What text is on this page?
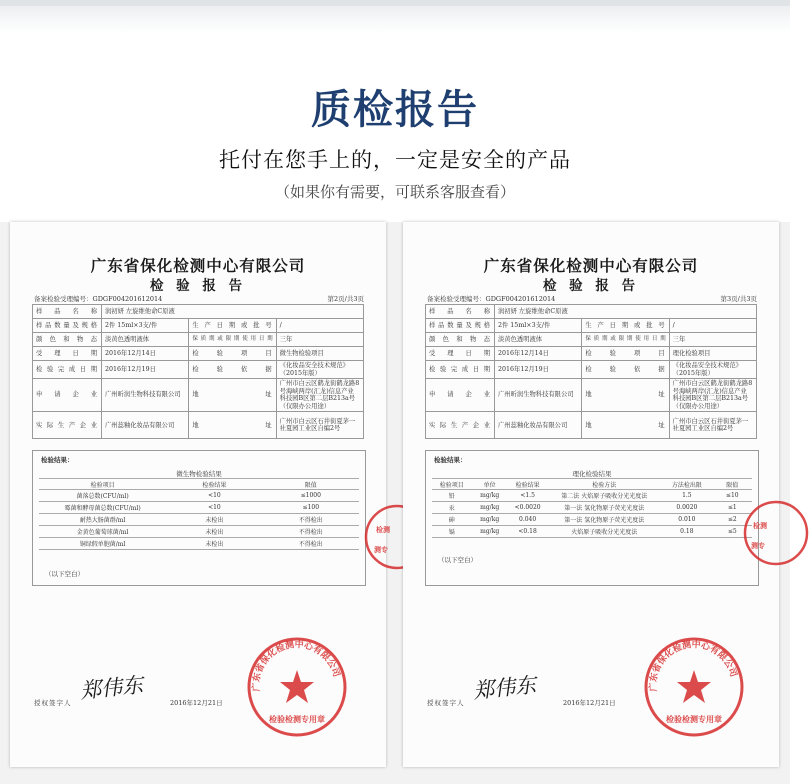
质检报告
托付在您手上的，一定是安全的产品
（如果你有需要，可联系客服查看）
广东省保化检测中心有限公司
检 验 报 告
备案检验受理编号：GDGF004201612014	第2页/共3页
样 品 名 称	润初妍 左旋维他命C原液		
样品数量及规格	2件 15ml×3支/件	生产日期或批号	/
颜 色 和 物 态	淡黄色透明液体	保质期或限期使用日期	三年
受 理 日 期	2016年12月14日	检 验 项 目	微生物检验项目
检验完成日期	2016年12月19日	检 验 依 据	《化妆品安全技术规范》（2015年版）
申 请 企 业	广州昕润生物科技有限公司	地 址	广州市白云区鹤龙街鹤龙路8号海峡两岸(汇龙)信息产业科技园B区第二层B213a号（仅限办公用途）
实际生产企业	广州蕊釉化妆品有限公司	地 址	广州市白云区石井街夏茅一社夏园工业区自编2号
检验结果：
微生物检验结果
检验项目	检验结果	限值
菌落总数(CFU/ml)	<10	≤1000
霉菌和酵母菌总数(CFU/ml)	<10	≤100
耐热大肠菌群/ml	未检出	不得检出
金黄色葡萄球菌/ml	未检出	不得检出
铜绿假单胞菌/ml	未检出	不得检出
（以下空白）
检测
测专
郑伟东
授权签字人	2016年12月21日
广东省保化检测中心有限公司
检验检测专用章
广东省保化检测中心有限公司
检 验 报 告
备案检验受理编号：GDGF004201612014	第3页/共3页
样 品 名 称	润初妍 左旋维他命C原液		
样品数量及规格	2件 15ml×3支/件	生产日期或批号	/
颜 色 和 物 态	淡黄色透明液体	保质期或限期使用日期	三年
受 理 日 期	2016年12月14日	检 验 项 目	理化检验项目
检验完成日期	2016年12月19日	检 验 依 据	《化妆品安全技术规范》（2015年版）
申 请 企 业	广州昕润生物科技有限公司	地 址	广州市白云区鹤龙街鹤龙路8号海峡两岸(汇龙)信息产业科技园B区第二层B213a号（仅限办公用途）
实际生产企业	广州蕊釉化妆品有限公司	地 址	广州市白云区石井街夏茅一社夏园工业区自编2号
检验结果：
理化检验结果
检验项目	单位	检验结果	检验方法	方法检出限	限值
铅	mg/kg	<1.5	第二法 火焰原子吸收分光光度法	1.5	≤10
汞	mg/kg	<0.0020	第一法 氢化物原子荧光光度法	0.0020	≤1
砷	mg/kg	0.040	第一法 氢化物原子荧光光度法	0.010	≤2
镉	mg/kg	<0.18	火焰原子吸收分光光度法	0.18	≤5
（以下空白）
检测
测专
郑伟东
授权签字人	2016年12月21日
广东省保化检测中心有限公司
检验检测专用章
